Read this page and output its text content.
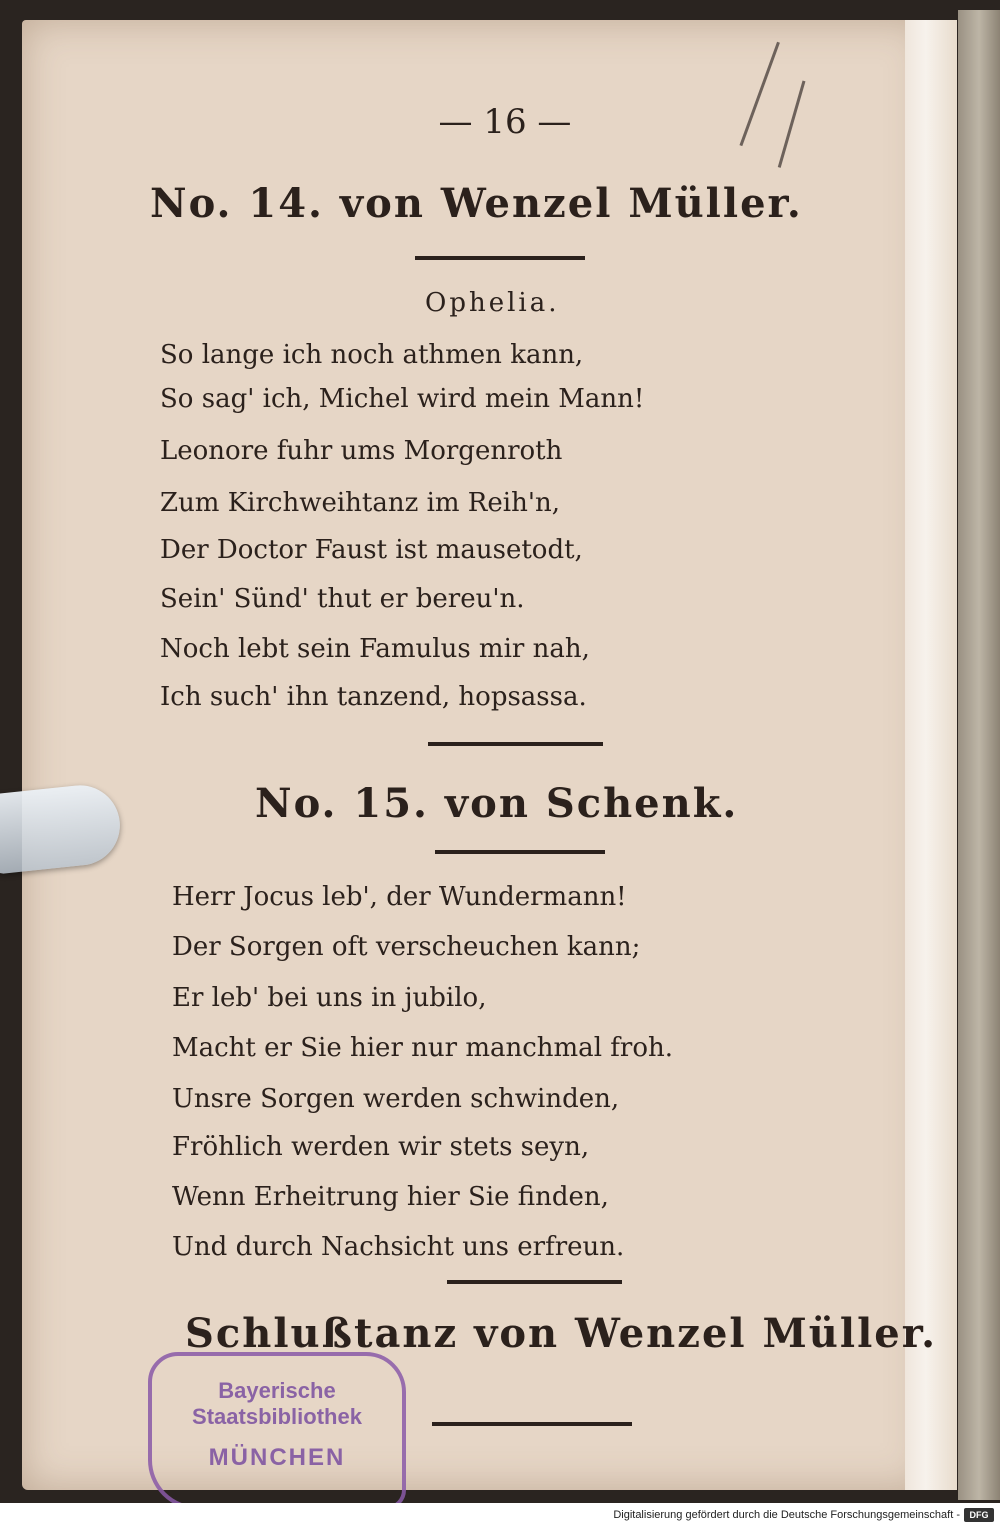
— 16 —
No. 14. von Wenzel Müller.
Ophelia.
So lange ich noch athmen kann,
So sag' ich, Michel wird mein Mann!
Leonore fuhr ums Morgenroth
Zum Kirchweihtanz im Reih'n,
Der Doctor Faust ist mausetodt,
Sein' Sünd' thut er bereu'n.
Noch lebt sein Famulus mir nah,
Ich such' ihn tanzend, hopsassa.
No. 15. von Schenk.
Herr Jocus leb', der Wundermann!
Der Sorgen oft verscheuchen kann;
Er leb' bei uns in jubilo,
Macht er Sie hier nur manchmal froh.
Unsre Sorgen werden schwinden,
Fröhlich werden wir stets seyn,
Wenn Erheitrung hier Sie finden,
Und durch Nachsicht uns erfreun.
Schlußtanz von Wenzel Müller.
Bayerische
Staatsbibliothek
MÜNCHEN
Digitalisierung gefördert durch die Deutsche Forschungsgemeinschaft -	DFG
